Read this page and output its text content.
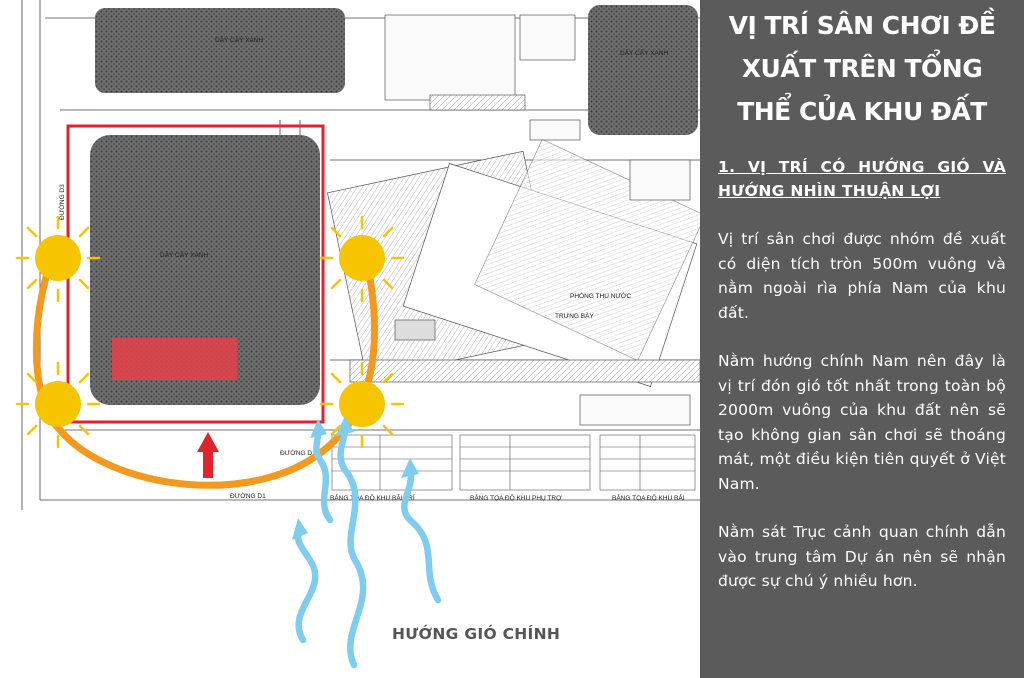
DÂY CÂY XANH
DÂY CÂY XANH
DÂY CÂY XANH
ĐƯỜNG D1
ĐƯỜNG D1
ĐƯỜNG D3
BẢNG TỌA ĐỘ KHU BÃI TRÍ	BẢNG TỌA ĐỘ KHU PHỤ TRỢ	BẢNG TỌA ĐỘ KHU BẢI
TRƯNG BÀY
PHÒNG THU NƯỚC
HƯỚNG GIÓ CHÍNH
VỊ TRÍ SÂN CHƠI ĐỀ XUẤT TRÊN TỔNG THỂ CỦA KHU ĐẤT
1. VỊ TRÍ CÓ HƯỚNG GIÓ VÀ HƯỚNG NHÌN THUẬN LỢI
Vị trí sân chơi được nhóm đề xuất có diện tích tròn 500m vuông và nằm ngoài rìa phía Nam của khu đất.
Nằm hướng chính Nam nên đây là vị trí đón gió tốt nhất trong toàn bộ 2000m vuông của khu đất nên sẽ tạo không gian sân chơi sẽ thoáng mát, một điều kiện tiên quyết ở Việt Nam.
Nằm sát Trục cảnh quan chính dẫn vào trung tâm Dự án nên sẽ nhận được sự chú ý nhiều hơn.
